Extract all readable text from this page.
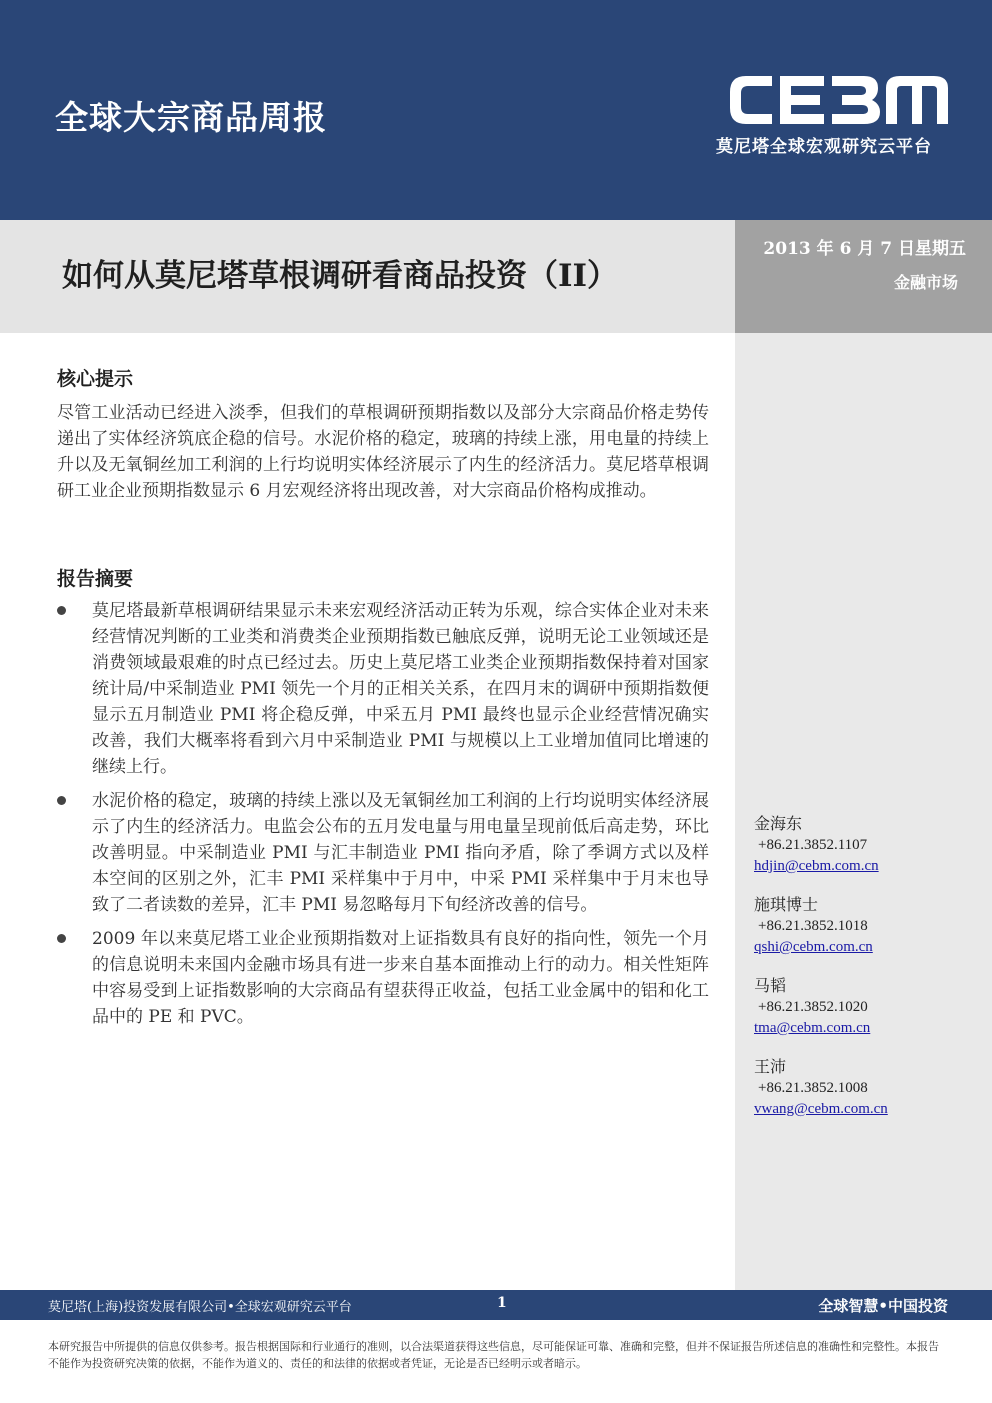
全球大宗商品周报
莫尼塔全球宏观研究云平台
如何从莫尼塔草根调研看商品投资（II）
2013 年 6 月 7 日星期五
金融市场
核心提示
尽管工业活动已经进入淡季，但我们的草根调研预期指数以及部分大宗商品价格走势传递出了实体经济筑底企稳的信号。水泥价格的稳定，玻璃的持续上涨，用电量的持续上升以及无氧铜丝加工利润的上行均说明实体经济展示了内生的经济活力。莫尼塔草根调研工业企业预期指数显示 6 月宏观经济将出现改善，对大宗商品价格构成推动。
报告摘要
莫尼塔最新草根调研结果显示未来宏观经济活动正转为乐观，综合实体企业对未来经营情况判断的工业类和消费类企业预期指数已触底反弹，说明无论工业领域还是消费领域最艰难的时点已经过去。历史上莫尼塔工业类企业预期指数保持着对国家统计局/中采制造业 PMI 领先一个月的正相关关系，在四月末的调研中预期指数便显示五月制造业 PMI 将企稳反弹，中采五月 PMI 最终也显示企业经营情况确实改善，我们大概率将看到六月中采制造业 PMI 与规模以上工业增加值同比增速的继续上行。
水泥价格的稳定，玻璃的持续上涨以及无氧铜丝加工利润的上行均说明实体经济展示了内生的经济活力。电监会公布的五月发电量与用电量呈现前低后高走势，环比改善明显。中采制造业 PMI 与汇丰制造业 PMI 指向矛盾，除了季调方式以及样本空间的区别之外，汇丰 PMI 采样集中于月中，中采 PMI 采样集中于月末也导致了二者读数的差异，汇丰 PMI 易忽略每月下旬经济改善的信号。
2009 年以来莫尼塔工业企业预期指数对上证指数具有良好的指向性，领先一个月的信息说明未来国内金融市场具有进一步来自基本面推动上行的动力。相关性矩阵中容易受到上证指数影响的大宗商品有望获得正收益，包括工业金属中的铝和化工品中的 PE 和 PVC。
金海东
+86.21.3852.1107
hdjin@cebm.com.cn
施琪博士
+86.21.3852.1018
qshi@cebm.com.cn
马韬
+86.21.3852.1020
tma@cebm.com.cn
王沛
+86.21.3852.1008
vwang@cebm.com.cn
莫尼塔(上海)投资发展有限公司•全球宏观研究云平台	1	全球智慧•中国投资
本研究报告中所提供的信息仅供参考。报告根据国际和行业通行的准则，以合法渠道获得这些信息，尽可能保证可靠、准确和完整，但并不保证报告所述信息的准确性和完整性。本报告不能作为投资研究决策的依据，不能作为道义的、责任的和法律的依据或者凭证，无论是否已经明示或者暗示。
